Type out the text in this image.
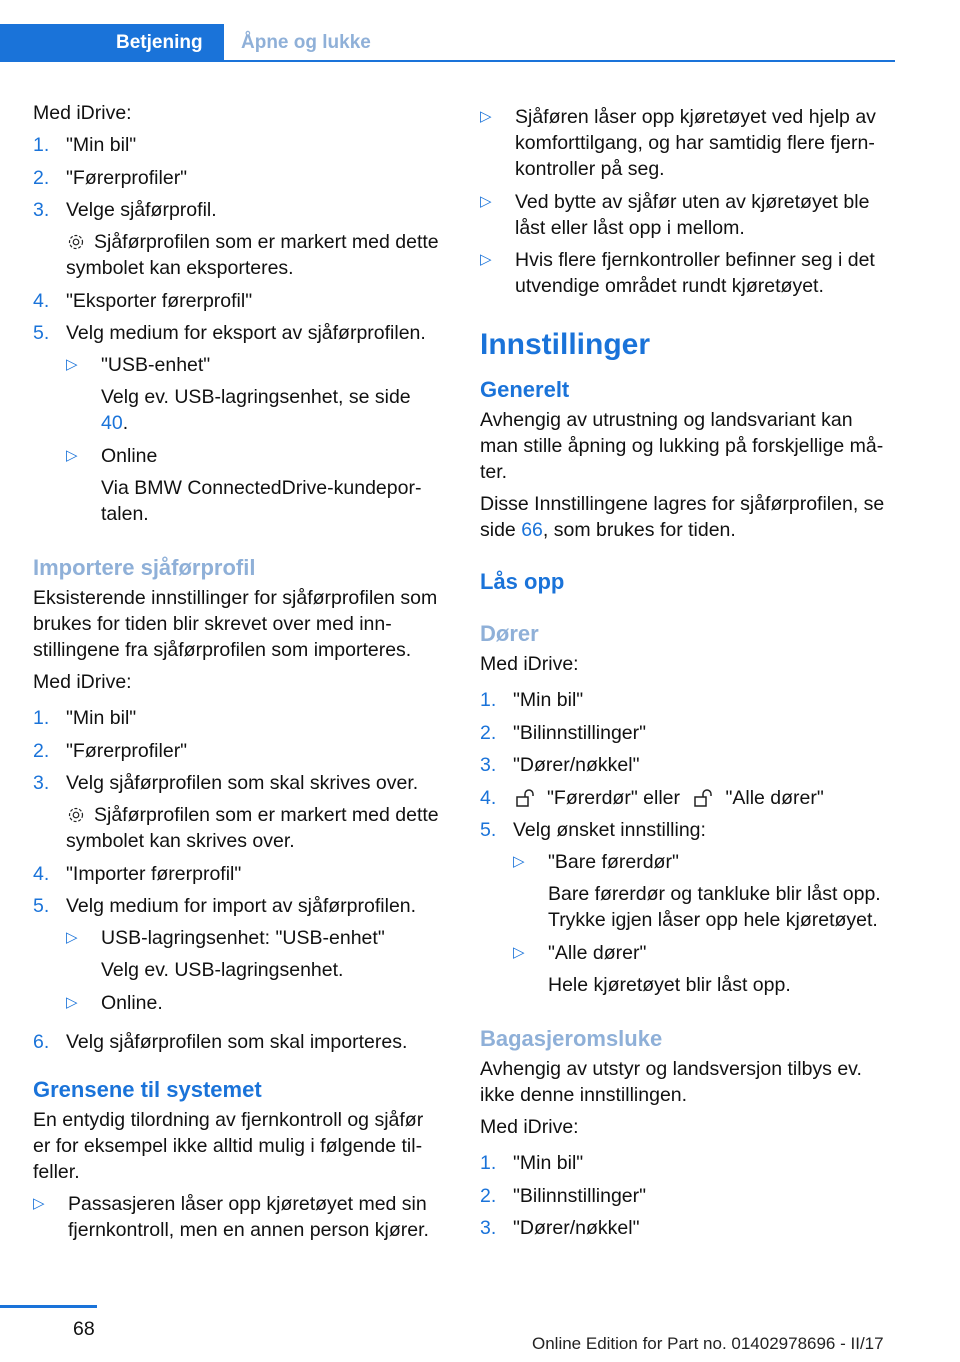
Betjening	Åpne og lukke

Med iDrive:

1. "Min bil"
2. "Førerprofiler"
3. Velge sjåførprofil.
Sjåførprofilen som er markert med dette symbolet kan eksporteres.
4. "Eksporter førerprofil"
5. Velg medium for eksport av sjåførprofilen.
▷	"USB-enhet"
Velg ev. USB-lagringsenhet, se side 40.
▷	Online
Via BMW ConnectedDrive-kundepor‐talen.
Importere sjåførprofil

Eksisterende innstillinger for sjåførprofilen som brukes for tiden blir skrevet over med inn‐stillingene fra sjåførprofilen som importeres.

Med iDrive:

1. "Min bil"
2. "Førerprofiler"
3. Velg sjåførprofilen som skal skrives over.
Sjåførprofilen som er markert med dette symbolet kan skrives over.
4. "Importer førerprofil"
5. Velg medium for import av sjåførprofilen.
▷	USB-lagringsenhet: "USB-enhet"
Velg ev. USB-lagringsenhet.
▷	Online.
6. Velg sjåførprofilen som skal importeres.
Grensene til systemet

En entydig tilordning av fjernkontroll og sjåfør er for eksempel ikke alltid mulig i følgende til‐feller.

▷	Passasjeren låser opp kjøretøyet med sin fjernkontroll, men en annen person kjører.
▷	Sjåføren låser opp kjøretøyet ved hjelp av komforttilgang, og har samtidig flere fjern‐kontroller på seg.
▷	Ved bytte av sjåfør uten av kjøretøyet ble låst eller låst opp i mellom.
▷	Hvis flere fjernkontroller befinner seg i det utvendige området rundt kjøretøyet.
Innstillinger
Generelt

Avhengig av utrustning og landsvariant kan man stille åpning og lukking på forskjellige må‐ter.

Disse Innstillingene lagres for sjåførprofilen, se side 66, som brukes for tiden.

Lås opp
Dører

Med iDrive:

1. "Min bil"
2. "Bilinnstillinger"
3. "Dører/nøkkel"
4.	"Førerdør" eller "Alle dører"
5. Velg ønsket innstilling:
▷	"Bare førerdør"
Bare førerdør og tankluke blir låst opp. Trykke igjen låser opp hele kjøretøyet.
▷	"Alle dører"
Hele kjøretøyet blir låst opp.
Bagasjeromsluke

Avhengig av utstyr og landsversjon tilbys ev. ikke denne innstillingen.

Med iDrive:

1. "Min bil"
2. "Bilinnstillinger"
3. "Dører/nøkkel"
68
Online Edition for Part no. 01402978696 - II/17
